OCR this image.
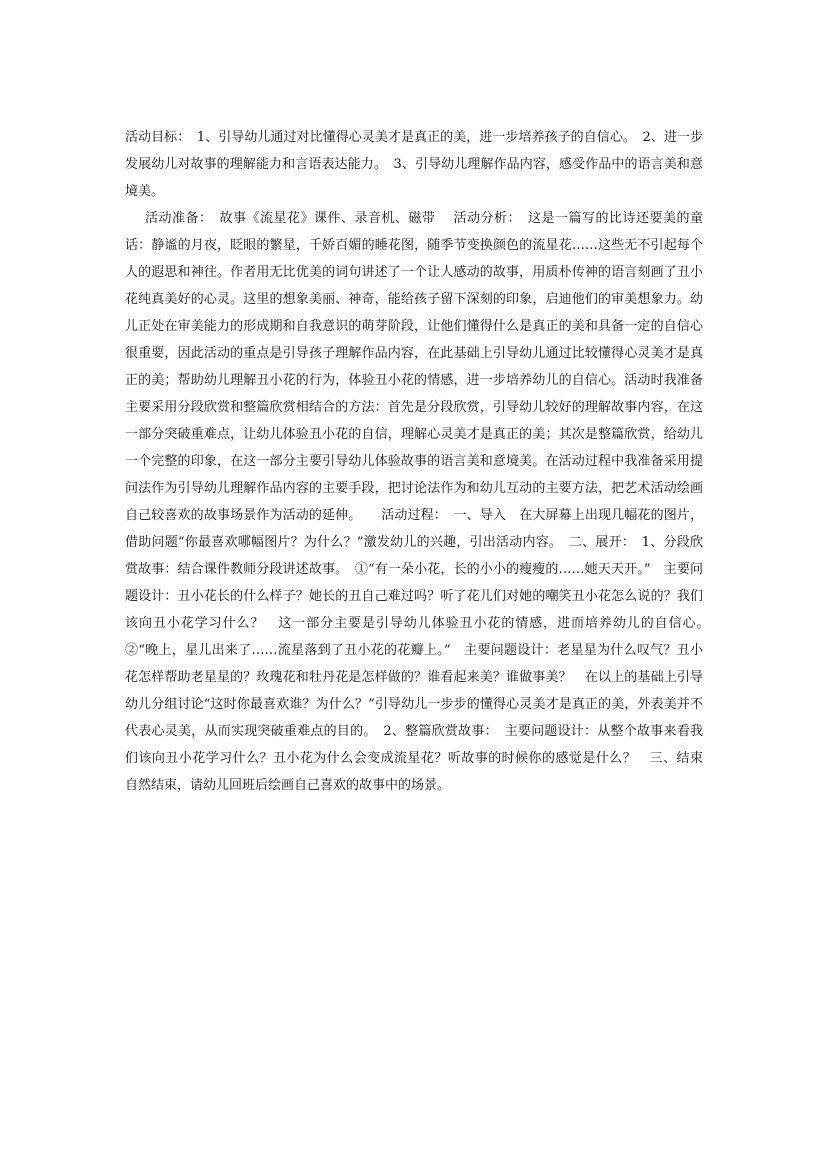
活动目标：　1、引导幼儿通过对比懂得心灵美才是真正的美，进一步培养孩子的自信心。　2、进一步发展幼儿对故事的理解能力和言语表达能力。　3、引导幼儿理解作品内容，感受作品中的语言美和意境美。

活动准备：　故事《流星花》课件、录音机、磁带　 活动分析：　这是一篇写的比诗还要美的童话：静谧的月夜，眨眼的繁星，千娇百媚的睡花图，随季节变换颜色的流星花……这些无不引起每个人的遐思和神往。作者用无比优美的词句讲述了一个让人感动的故事，用质朴传神的语言刻画了丑小花纯真美好的心灵。这里的想象美丽、神奇，能给孩子留下深刻的印象，启迪他们的审美想象力。幼儿正处在审美能力的形成期和自我意识的萌芽阶段，让他们懂得什么是真正的美和具备一定的自信心很重要，因此活动的重点是引导孩子理解作品内容，在此基础上引导幼儿通过比较懂得心灵美才是真正的美；帮助幼儿理解丑小花的行为，体验丑小花的情感，进一步培养幼儿的自信心。活动时我准备主要采用分段欣赏和整篇欣赏相结合的方法：首先是分段欣赏，引导幼儿较好的理解故事内容，在这一部分突破重难点，让幼儿体验丑小花的自信，理解心灵美才是真正的美；其次是整篇欣赏，给幼儿一个完整的印象，在这一部分主要引导幼儿体验故事的语言美和意境美。在活动过程中我准备采用提问法作为引导幼儿理解作品内容的主要手段，把讨论法作为和幼儿互动的主要方法，把艺术活动绘画自己较喜欢的故事场景作为活动的延伸。　　活动过程：　一、导入　在大屏幕上出现几幅花的图片，借助问题“你最喜欢哪幅图片？为什么？”激发幼儿的兴趣，引出活动内容。　二、展开：　1、分段欣赏故事：结合课件教师分段讲述故事。　①“有一朵小花，长的小小的瘦瘦的……她天天开。”　主要问题设计：丑小花长的什么样子？她长的丑自己难过吗？听了花儿们对她的嘲笑丑小花怎么说的？我们该向丑小花学习什么？　这一部分主要是引导幼儿体验丑小花的情感，进而培养幼儿的自信心。　②“晚上，星儿出来了……流星落到了丑小花的花瓣上。”　主要问题设计：老星星为什么叹气？丑小花怎样帮助老星星的？玫瑰花和牡丹花是怎样做的？谁看起来美？谁做事美？　在以上的基础上引导幼儿分组讨论“这时你最喜欢谁？为什么？”引导幼儿一步步的懂得心灵美才是真正的美，外表美并不代表心灵美，从而实现突破重难点的目的。　2、整篇欣赏故事：　主要问题设计：从整个故事来看我们该向丑小花学习什么？丑小花为什么会变成流星花？听故事的时候你的感觉是什么？　三、结束　自然结束，请幼儿回班后绘画自己喜欢的故事中的场景。
